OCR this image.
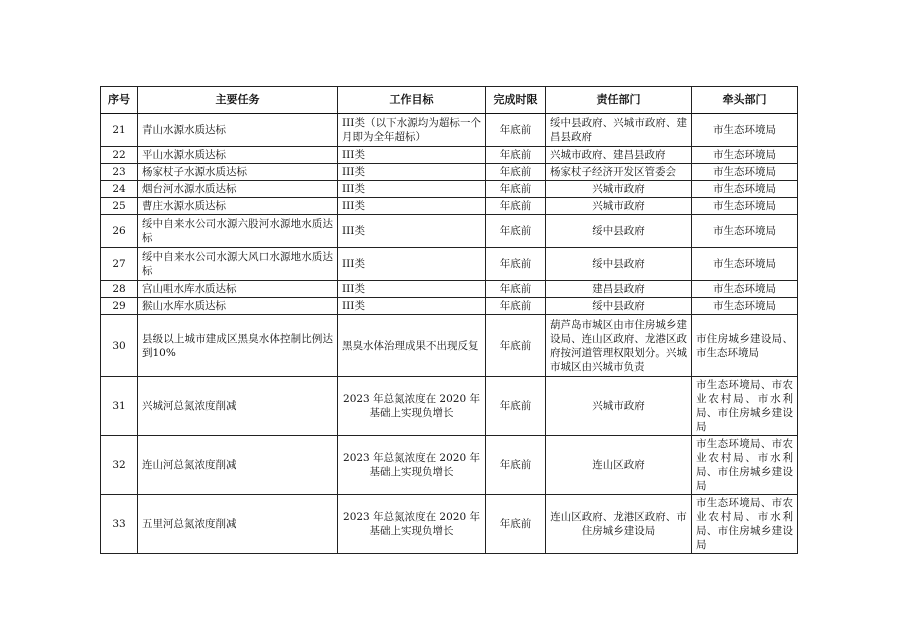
序号	主要任务	工作目标	完成时限	责任部门	牵头部门
21	青山水源水质达标	III类（以下水源均为超标一个月即为全年超标）	年底前	绥中县政府、兴城市政府、建昌县政府	市生态环境局
22	平山水源水质达标	III类	年底前	兴城市政府、建昌县政府	市生态环境局
23	杨家杖子水源水质达标	III类	年底前	杨家杖子经济开发区管委会	市生态环境局
24	烟台河水源水质达标	III类	年底前	兴城市政府	市生态环境局
25	曹庄水源水质达标	III类	年底前	兴城市政府	市生态环境局
26	绥中自来水公司水源六股河水源地水质达标	III类	年底前	绥中县政府	市生态环境局
27	绥中自来水公司水源大风口水源地水质达标	III类	年底前	绥中县政府	市生态环境局
28	宫山咀水库水质达标	III类	年底前	建昌县政府	市生态环境局
29	猴山水库水质达标	III类	年底前	绥中县政府	市生态环境局
30	县级以上城市建成区黑臭水体控制比例达到10%	黑臭水体治理成果不出现反复	年底前	葫芦岛市城区由市住房城乡建设局、连山区政府、龙港区政府按河道管理权限划分。兴城市城区由兴城市负责	市住房城乡建设局、市生态环境局
31	兴城河总氮浓度削减	2023 年总氮浓度在 2020 年基础上实现负增长	年底前	兴城市政府	市生态环境局、市农业农村局、市水利局、市住房城乡建设局
32	连山河总氮浓度削减	2023 年总氮浓度在 2020 年基础上实现负增长	年底前	连山区政府	市生态环境局、市农业农村局、市水利局、市住房城乡建设局
33	五里河总氮浓度削减	2023 年总氮浓度在 2020 年基础上实现负增长	年底前	连山区政府、龙港区政府、市住房城乡建设局	市生态环境局、市农业农村局、市水利局、市住房城乡建设局
